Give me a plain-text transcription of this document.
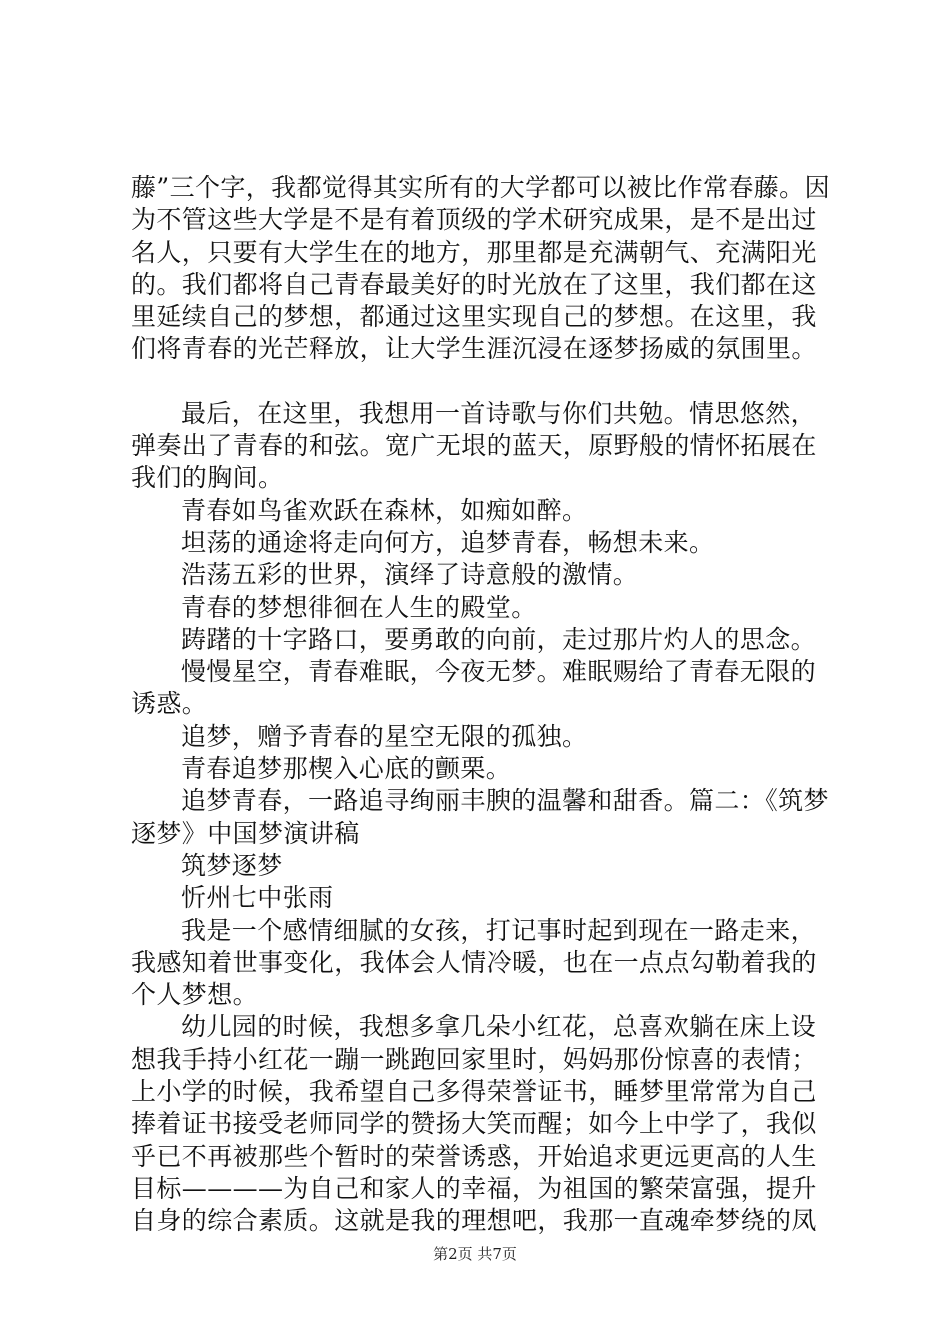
藤”三个字，我都觉得其实所有的大学都可以被比作常春藤。因为不管这些大学是不是有着顶级的学术研究成果，是不是出过名人，只要有大学生在的地方，那里都是充满朝气、充满阳光的。我们都将自己青春最美好的时光放在了这里，我们都在这里延续自己的梦想，都通过这里实现自己的梦想。在这里，我们将青春的光芒释放，让大学生涯沉浸在逐梦扬威的氛围里。

最后，在这里，我想用一首诗歌与你们共勉。情思悠然，弹奏出了青春的和弦。宽广无垠的蓝天，原野般的情怀拓展在我们的胸间。

青春如鸟雀欢跃在森林，如痴如醉。

坦荡的通途将走向何方，追梦青春，畅想未来。

浩荡五彩的世界，演绎了诗意般的激情。

青春的梦想徘徊在人生的殿堂。

踌躇的十字路口，要勇敢的向前，走过那片灼人的思念。

慢慢星空，青春难眠，今夜无梦。难眠赐给了青春无限的诱惑。

追梦，赠予青春的星空无限的孤独。

青春追梦那楔入心底的颤栗。

追梦青春，一路追寻绚丽丰腴的温馨和甜香。篇二：《筑梦逐梦》中国梦演讲稿

筑梦逐梦

忻州七中张雨

我是一个感情细腻的女孩，打记事时起到现在一路走来，我感知着世事变化，我体会人情冷暖，也在一点点勾勒着我的个人梦想。

幼儿园的时候，我想多拿几朵小红花，总喜欢躺在床上设想我手持小红花一蹦一跳跑回家里时，妈妈那份惊喜的表情；上小学的时候，我希望自己多得荣誉证书，睡梦里常常为自己捧着证书接受老师同学的赞扬大笑而醒；如今上中学了，我似乎已不再被那些个暂时的荣誉诱惑，开始追求更远更高的人生目标————为自己和家人的幸福，为祖国的繁荣富强，提升自身的综合素质。这就是我的理想吧，我那一直魂牵梦绕的凤

第2页 共7页
